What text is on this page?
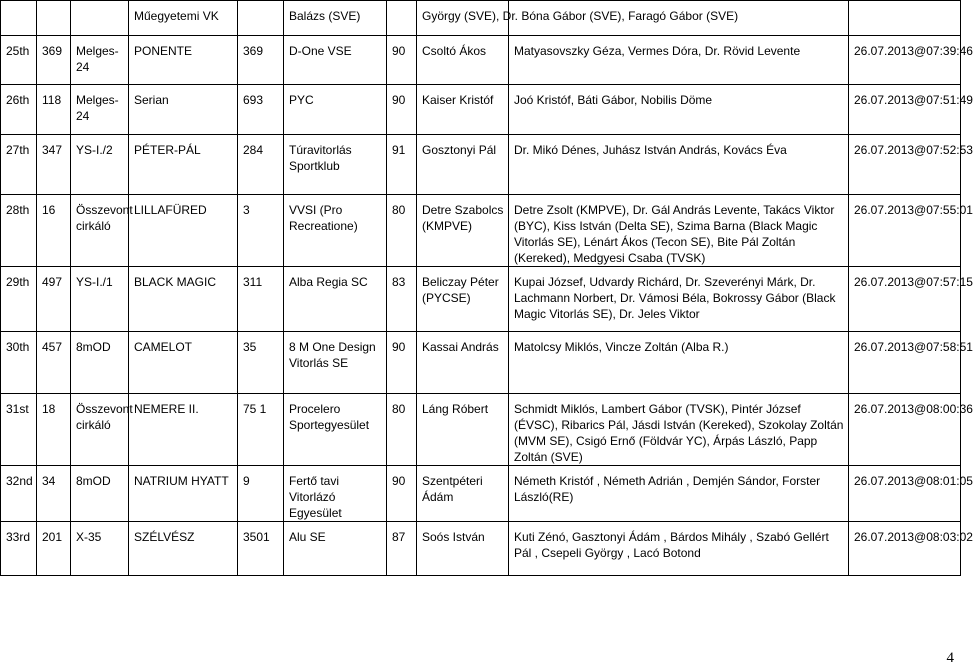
			Műegyetemi VK		Balázs (SVE)		György (SVE), Dr. Bóna Gábor (SVE), Faragó Gábor (SVE)		
25th	369	Melges-24	PONENTE	369	D-One VSE	90	Csoltó Ákos	Matyasovszky Géza, Vermes Dóra, Dr. Rövid Levente	26.07.2013@07:39:46
26th	118	Melges-24	Serian	693	PYC	90	Kaiser Kristóf	Joó Kristóf, Báti Gábor, Nobilis Döme	26.07.2013@07:51:49
27th	347	YS-I./2	PÉTER-PÁL	284	Túravitorlás Sportklub	91	Gosztonyi Pál	Dr. Mikó Dénes, Juhász István András, Kovács Éva	26.07.2013@07:52:53
28th	16	Összevont cirkáló	LILLAFÜRED	3	VVSI (Pro Recreatione)	80	Detre Szabolcs (KMPVE)	Detre Zsolt (KMPVE), Dr. Gál András Levente, Takács Viktor (BYC), Kiss István (Delta SE), Szima Barna (Black Magic Vitorlás SE), Lénárt Ákos (Tecon SE), Bite Pál Zoltán (Kereked), Medgyesi Csaba (TVSK)	26.07.2013@07:55:01
29th	497	YS-I./1	BLACK MAGIC	311	Alba Regia SC	83	Beliczay Péter (PYCSE)	Kupai József, Udvardy Richárd, Dr. Szeverényi Márk, Dr. Lachmann Norbert, Dr. Vámosi Béla, Bokrossy Gábor (Black Magic Vitorlás SE), Dr. Jeles Viktor	26.07.2013@07:57:15
30th	457	8mOD	CAMELOT	35	8 M One Design Vitorlás SE	90	Kassai András	Matolcsy Miklós, Vincze Zoltán (Alba R.)	26.07.2013@07:58:51
31st	18	Összevont cirkáló	NEMERE II.	75 1	Procelero Sportegyesület	80	Láng Róbert	Schmidt Miklós, Lambert Gábor (TVSK), Pintér József (ÉVSC), Ribarics Pál, Jásdi István (Kereked), Szokolay Zoltán (MVM SE), Csigó Ernő (Földvár YC), Árpás László, Papp Zoltán (SVE)	26.07.2013@08:00:36
32nd	34	8mOD	NATRIUM HYATT	9	Fertő tavi Vitorlázó Egyesület	90	Szentpéteri Ádám	Németh Kristóf , Németh Adrián , Demjén Sándor, Forster László(RE)	26.07.2013@08:01:05
33rd	201	X-35	SZÉLVÉSZ	3501	Alu SE	87	Soós István	Kuti Zénó, Gasztonyi Ádám , Bárdos Mihály , Szabó Gellért Pál , Csepeli György , Lacó Botond	26.07.2013@08:03:02
4
